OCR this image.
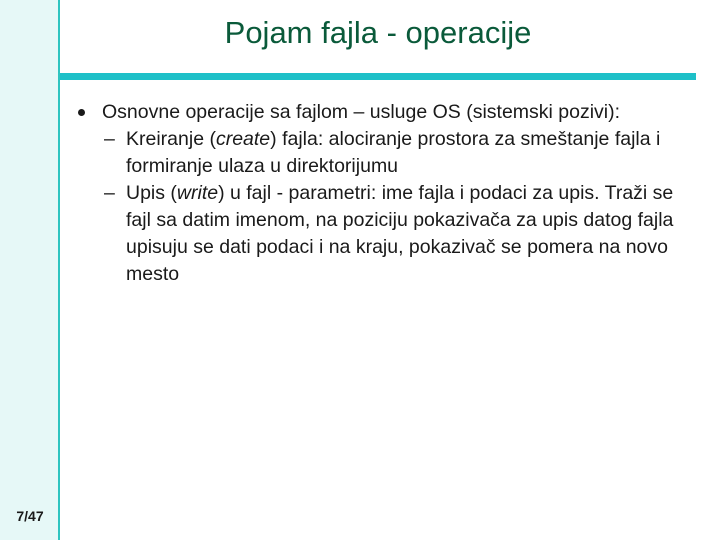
Pojam fajla - operacije
Osnovne operacije sa fajlom – usluge OS (sistemski pozivi):
– Kreiranje (create) fajla: alociranje prostora za smeštanje fajla i formiranje ulaza u direktorijumu
– Upis (write) u fajl - parametri: ime fajla i podaci za upis. Traži se fajl sa datim imenom, na poziciju pokazivača za upis datog fajla upisuju se dati podaci i na kraju, pokazivač se pomera na novo mesto
7/47
